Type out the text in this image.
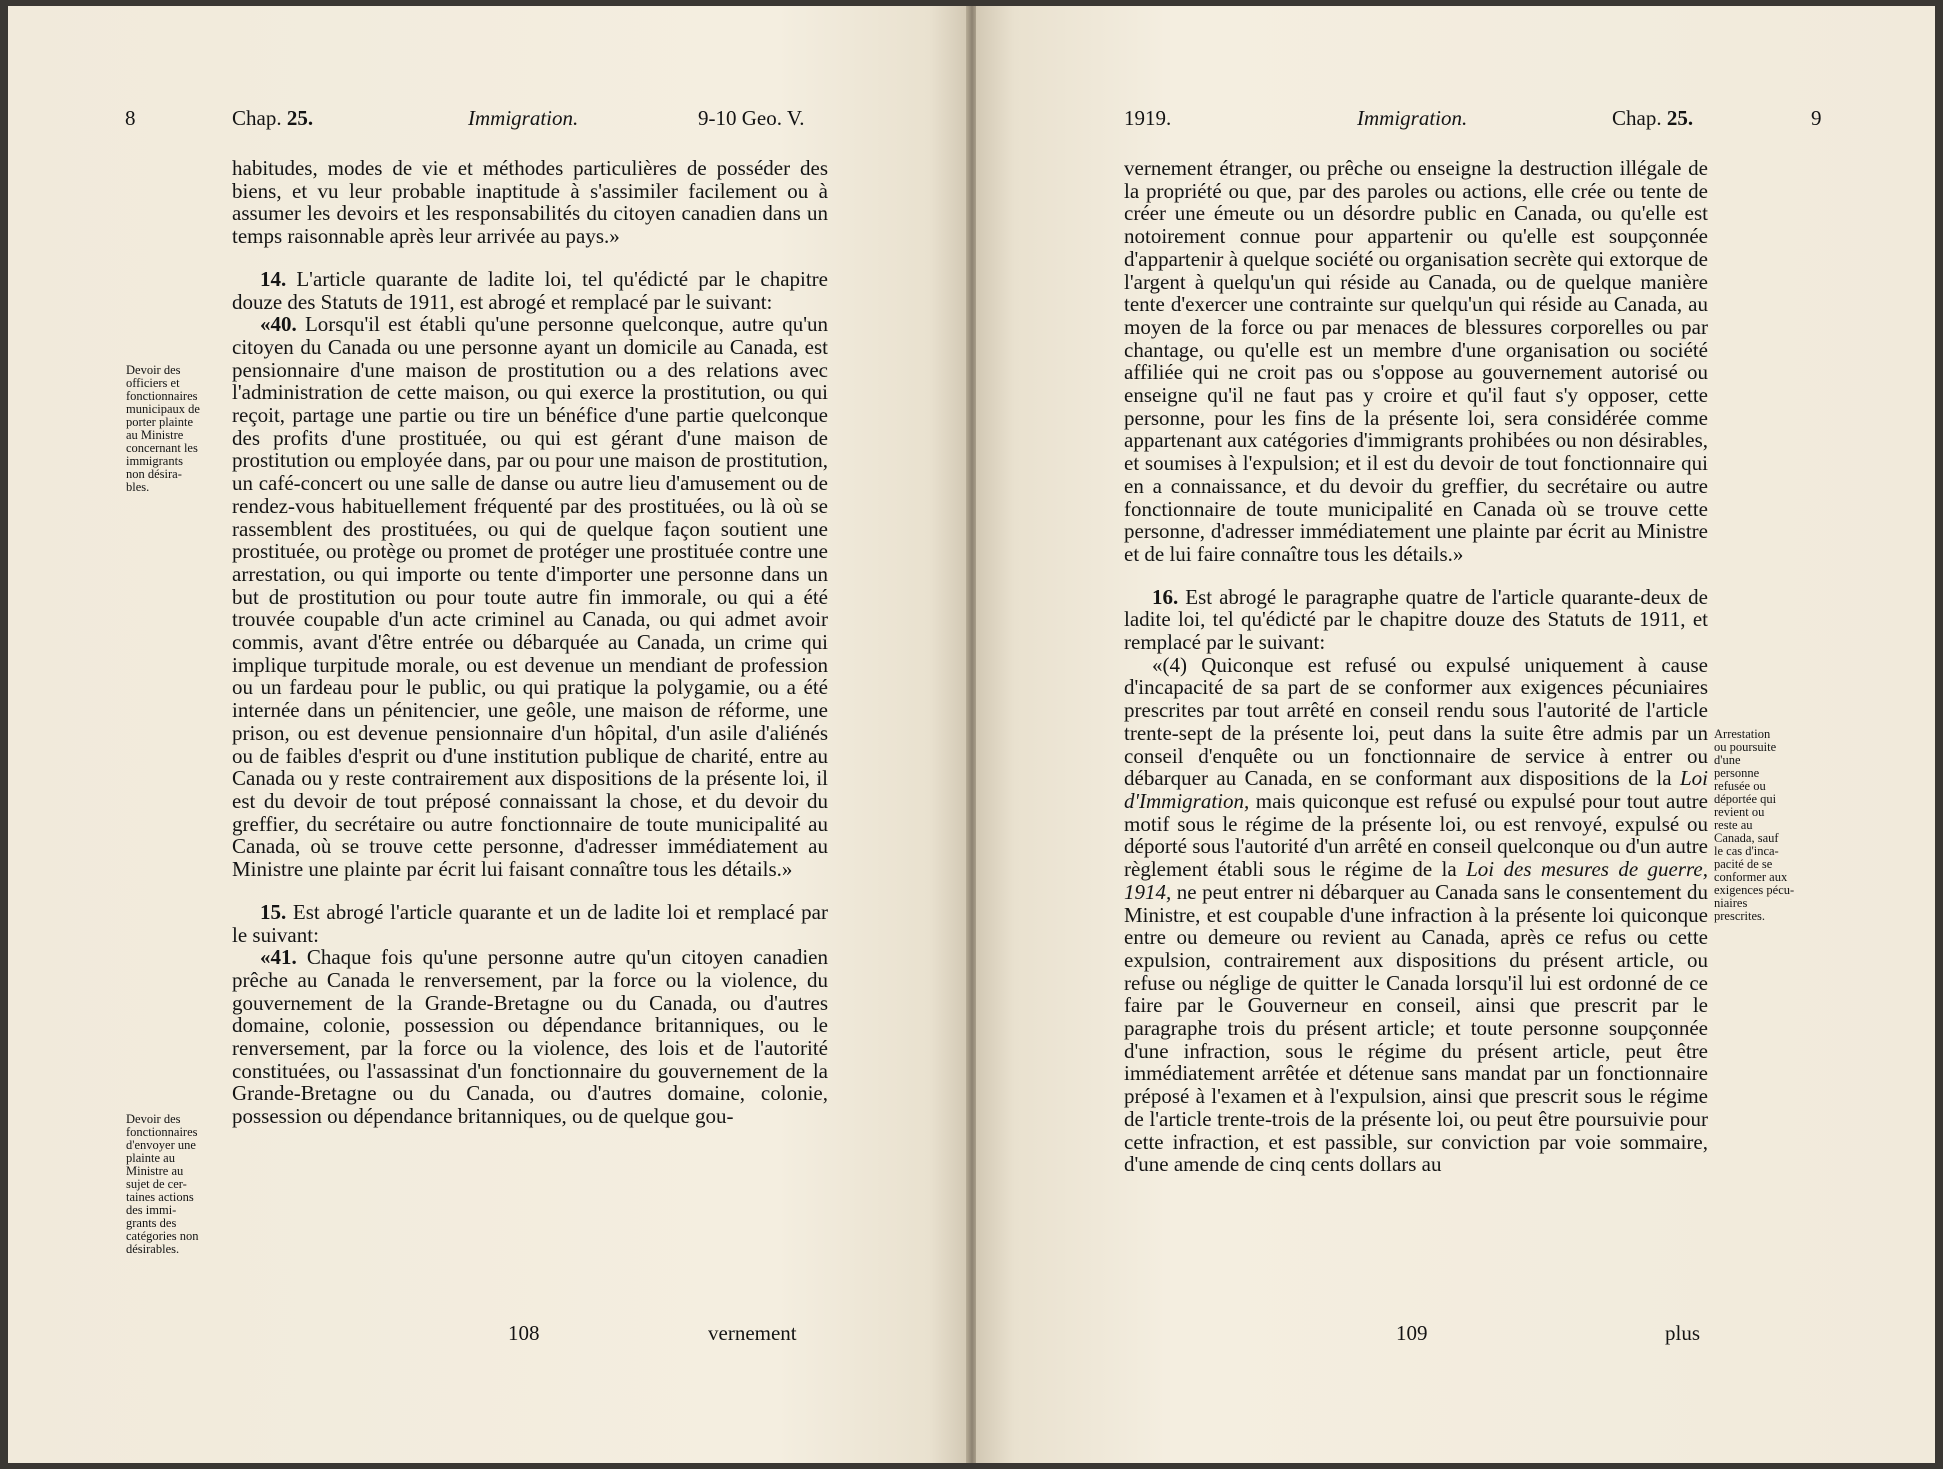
8	Chap. 25.	Immigration.	9-10 Geo. V.

habitudes, modes de vie et méthodes particulières de posséder des biens, et vu leur probable inaptitude à s'assimiler facilement ou à assumer les devoirs et les responsabilités du citoyen canadien dans un temps raisonnable après leur arrivée au pays.»

14. L'article quarante de ladite loi, tel qu'édicté par le chapitre douze des Statuts de 1911, est abrogé et remplacé par le suivant:

«40. Lorsqu'il est établi qu'une personne quelconque, autre qu'un citoyen du Canada ou une personne ayant un domicile au Canada, est pensionnaire d'une maison de prostitution ou a des relations avec l'administration de cette maison, ou qui exerce la prostitution, ou qui reçoit, partage une partie ou tire un bénéfice d'une partie quelconque des profits d'une prostituée, ou qui est gérant d'une maison de prostitution ou employée dans, par ou pour une maison de prostitution, un café-concert ou une salle de danse ou autre lieu d'amusement ou de rendez-vous habituellement fréquenté par des prostituées, ou là où se rassemblent des prostituées, ou qui de quelque façon soutient une prostituée, ou protège ou promet de protéger une prostituée contre une arrestation, ou qui importe ou tente d'importer une personne dans un but de prostitution ou pour toute autre fin immorale, ou qui a été trouvée coupable d'un acte criminel au Canada, ou qui admet avoir commis, avant d'être entrée ou débarquée au Canada, un crime qui implique turpitude morale, ou est devenue un mendiant de profession ou un fardeau pour le public, ou qui pratique la polygamie, ou a été internée dans un pénitencier, une geôle, une maison de réforme, une prison, ou est devenue pensionnaire d'un hôpital, d'un asile d'aliénés ou de faibles d'esprit ou d'une institution publique de charité, entre au Canada ou y reste contrairement aux dispositions de la présente loi, il est du devoir de tout préposé connaissant la chose, et du devoir du greffier, du secrétaire ou autre fonctionnaire de toute municipalité au Canada, où se trouve cette personne, d'adresser immédiatement au Ministre une plainte par écrit lui faisant connaître tous les détails.»

15. Est abrogé l'article quarante et un de ladite loi et remplacé par le suivant:

«41. Chaque fois qu'une personne autre qu'un citoyen canadien prêche au Canada le renversement, par la force ou la violence, du gouvernement de la Grande-Bretagne ou du Canada, ou d'autres domaine, colonie, possession ou dépendance britanniques, ou le renversement, par la force ou la violence, des lois et de l'autorité constituées, ou l'assassinat d'un fonctionnaire du gouvernement de la Grande-Bretagne ou du Canada, ou d'autres domaine, colonie, possession ou dépendance britanniques, ou de quelque gou-

Devoir des
officiers et
fonctionnaires
municipaux de
porter plainte
au Ministre
concernant les
immigrants
non désira-
bles.
Devoir des
fonctionnaires
d'envoyer une
plainte au
Ministre au
sujet de cer-
taines actions
des immi-
grants des
catégories non
désirables.
108	vernement
1919.	Immigration.	Chap. 25.	9

vernement étranger, ou prêche ou enseigne la destruction illégale de la propriété ou que, par des paroles ou actions, elle crée ou tente de créer une émeute ou un désordre public en Canada, ou qu'elle est notoirement connue pour appartenir ou qu'elle est soupçonnée d'appartenir à quelque société ou organisation secrète qui extorque de l'argent à quelqu'un qui réside au Canada, ou de quelque manière tente d'exercer une contrainte sur quelqu'un qui réside au Canada, au moyen de la force ou par menaces de blessures corporelles ou par chantage, ou qu'elle est un membre d'une organisation ou société affiliée qui ne croit pas ou s'oppose au gouvernement autorisé ou enseigne qu'il ne faut pas y croire et qu'il faut s'y opposer, cette personne, pour les fins de la présente loi, sera considérée comme appartenant aux catégories d'immigrants prohibées ou non désirables, et soumises à l'expulsion; et il est du devoir de tout fonctionnaire qui en a connaissance, et du devoir du greffier, du secrétaire ou autre fonctionnaire de toute municipalité en Canada où se trouve cette personne, d'adresser immédiatement une plainte par écrit au Ministre et de lui faire connaître tous les détails.»

16. Est abrogé le paragraphe quatre de l'article quarante-deux de ladite loi, tel qu'édicté par le chapitre douze des Statuts de 1911, et remplacé par le suivant:

«(4) Quiconque est refusé ou expulsé uniquement à cause d'incapacité de sa part de se conformer aux exigences pécuniaires prescrites par tout arrêté en conseil rendu sous l'autorité de l'article trente-sept de la présente loi, peut dans la suite être admis par un conseil d'enquête ou un fonctionnaire de service à entrer ou débarquer au Canada, en se conformant aux dispositions de la Loi d'Immigration, mais quiconque est refusé ou expulsé pour tout autre motif sous le régime de la présente loi, ou est renvoyé, expulsé ou déporté sous l'autorité d'un arrêté en conseil quelconque ou d'un autre règlement établi sous le régime de la Loi des mesures de guerre, 1914, ne peut entrer ni débarquer au Canada sans le consentement du Ministre, et est coupable d'une infraction à la présente loi quiconque entre ou demeure ou revient au Canada, après ce refus ou cette expulsion, contrairement aux dispositions du présent article, ou refuse ou néglige de quitter le Canada lorsqu'il lui est ordonné de ce faire par le Gouverneur en conseil, ainsi que prescrit par le paragraphe trois du présent article; et toute personne soupçonnée d'une infraction, sous le régime du présent article, peut être immédiatement arrêtée et détenue sans mandat par un fonctionnaire préposé à l'examen et à l'expulsion, ainsi que prescrit sous le régime de l'article trente-trois de la présente loi, ou peut être poursuivie pour cette infraction, et est passible, sur conviction par voie sommaire, d'une amende de cinq cents dollars au

Arrestation
ou poursuite
d'une
personne
refusée ou
déportée qui
revient ou
reste au
Canada, sauf
le cas d'inca-
pacité de se
conformer aux
exigences pécu-
niaires
prescrites.
109	plus
